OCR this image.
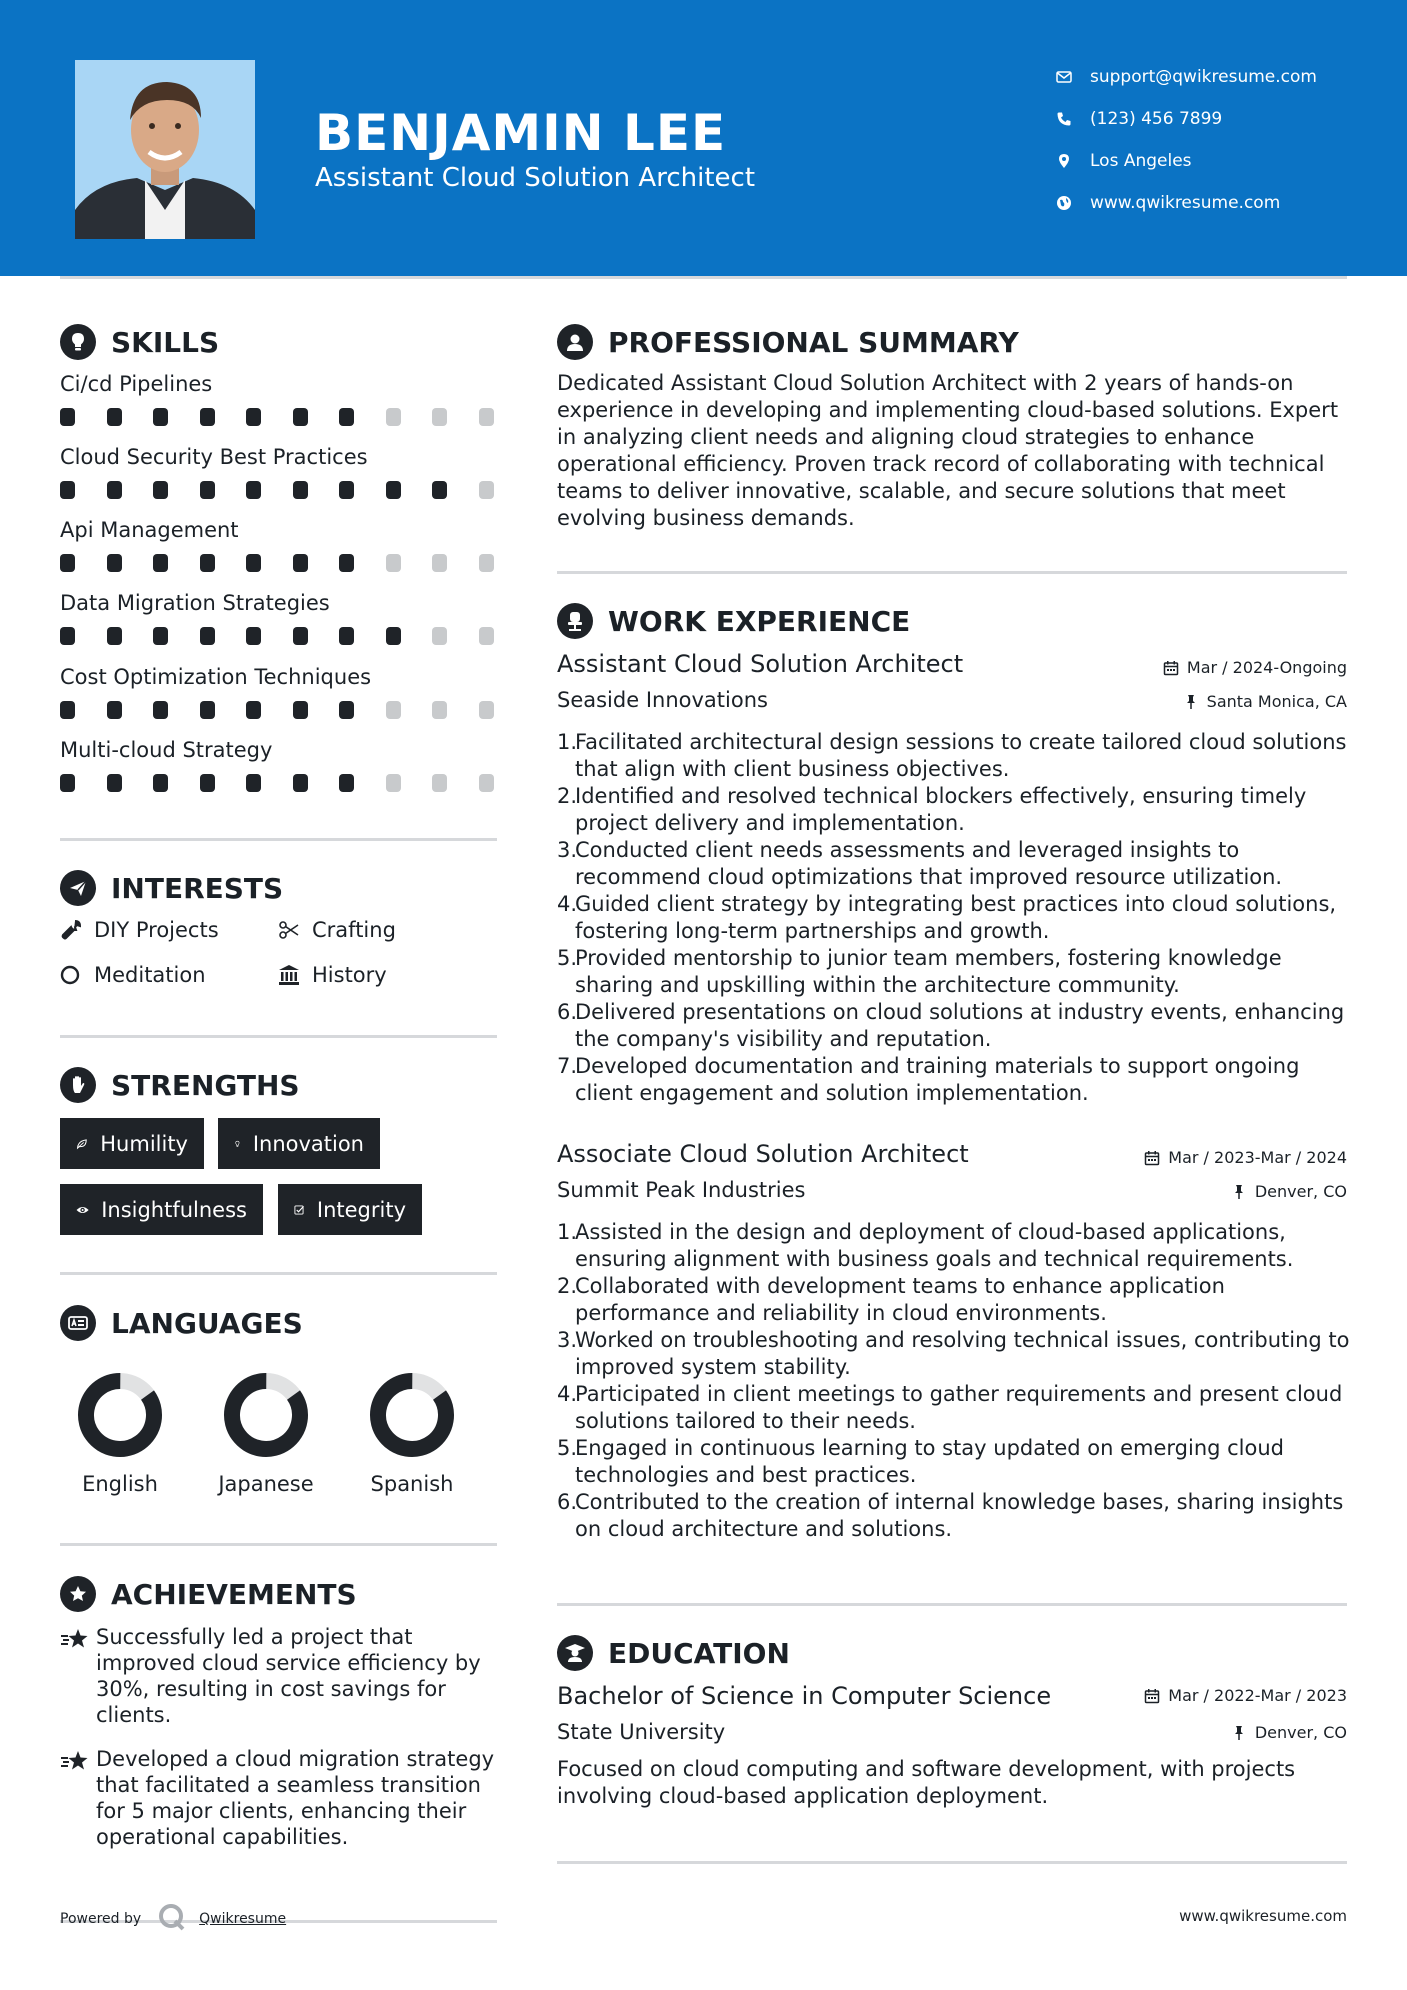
BENJAMIN LEE
Assistant Cloud Solution Architect
support@qwikresume.com
(123) 456 7899
Los Angeles
www.qwikresume.com
SKILLS
Ci/cd Pipelines
Cloud Security Best Practices
Api Management
Data Migration Strategies
Cost Optimization Techniques
Multi-cloud Strategy
INTERESTS
DIY Projects	Crafting
Meditation	History
STRENGTHS
Humility	Innovation
Insightfulness	Integrity
LANGUAGES
English	Japanese	Spanish
ACHIEVEMENTS
Successfully led a project that improved cloud service efficiency by 30%, resulting in cost savings for clients.
Developed a cloud migration strategy that facilitated a seamless transition for 5 major clients, enhancing their operational capabilities.
Powered by	Qwikresume
PROFESSIONAL SUMMARY
Dedicated Assistant Cloud Solution Architect with 2 years of hands-on experience in developing and implementing cloud-based solutions. Expert in analyzing client needs and aligning cloud strategies to enhance operational efficiency. Proven track record of collaborating with technical teams to deliver innovative, scalable, and secure solutions that meet evolving business demands.
WORK EXPERIENCE
Assistant Cloud Solution Architect	Mar / 2024-Ongoing
Seaside Innovations	Santa Monica, CA
1.
Facilitated architectural design sessions to create tailored cloud solutions that align with client business objectives.
2.
Identified and resolved technical blockers effectively, ensuring timely project delivery and implementation.
3.
Conducted client needs assessments and leveraged insights to recommend cloud optimizations that improved resource utilization.
4.
Guided client strategy by integrating best practices into cloud solutions, fostering long-term partnerships and growth.
5.
Provided mentorship to junior team members, fostering knowledge sharing and upskilling within the architecture community.
6.
Delivered presentations on cloud solutions at industry events, enhancing the company's visibility and reputation.
7.
Developed documentation and training materials to support ongoing client engagement and solution implementation.
Associate Cloud Solution Architect	Mar / 2023-Mar / 2024
Summit Peak Industries	Denver, CO
1.
Assisted in the design and deployment of cloud-based applications, ensuring alignment with business goals and technical requirements.
2.
Collaborated with development teams to enhance application performance and reliability in cloud environments.
3.
Worked on troubleshooting and resolving technical issues, contributing to improved system stability.
4.
Participated in client meetings to gather requirements and present cloud solutions tailored to their needs.
5.
Engaged in continuous learning to stay updated on emerging cloud technologies and best practices.
6.
Contributed to the creation of internal knowledge bases, sharing insights on cloud architecture and solutions.
EDUCATION
Bachelor of Science in Computer Science	Mar / 2022-Mar / 2023
State University	Denver, CO
Focused on cloud computing and software development, with projects involving cloud-based application deployment.
www.qwikresume.com
